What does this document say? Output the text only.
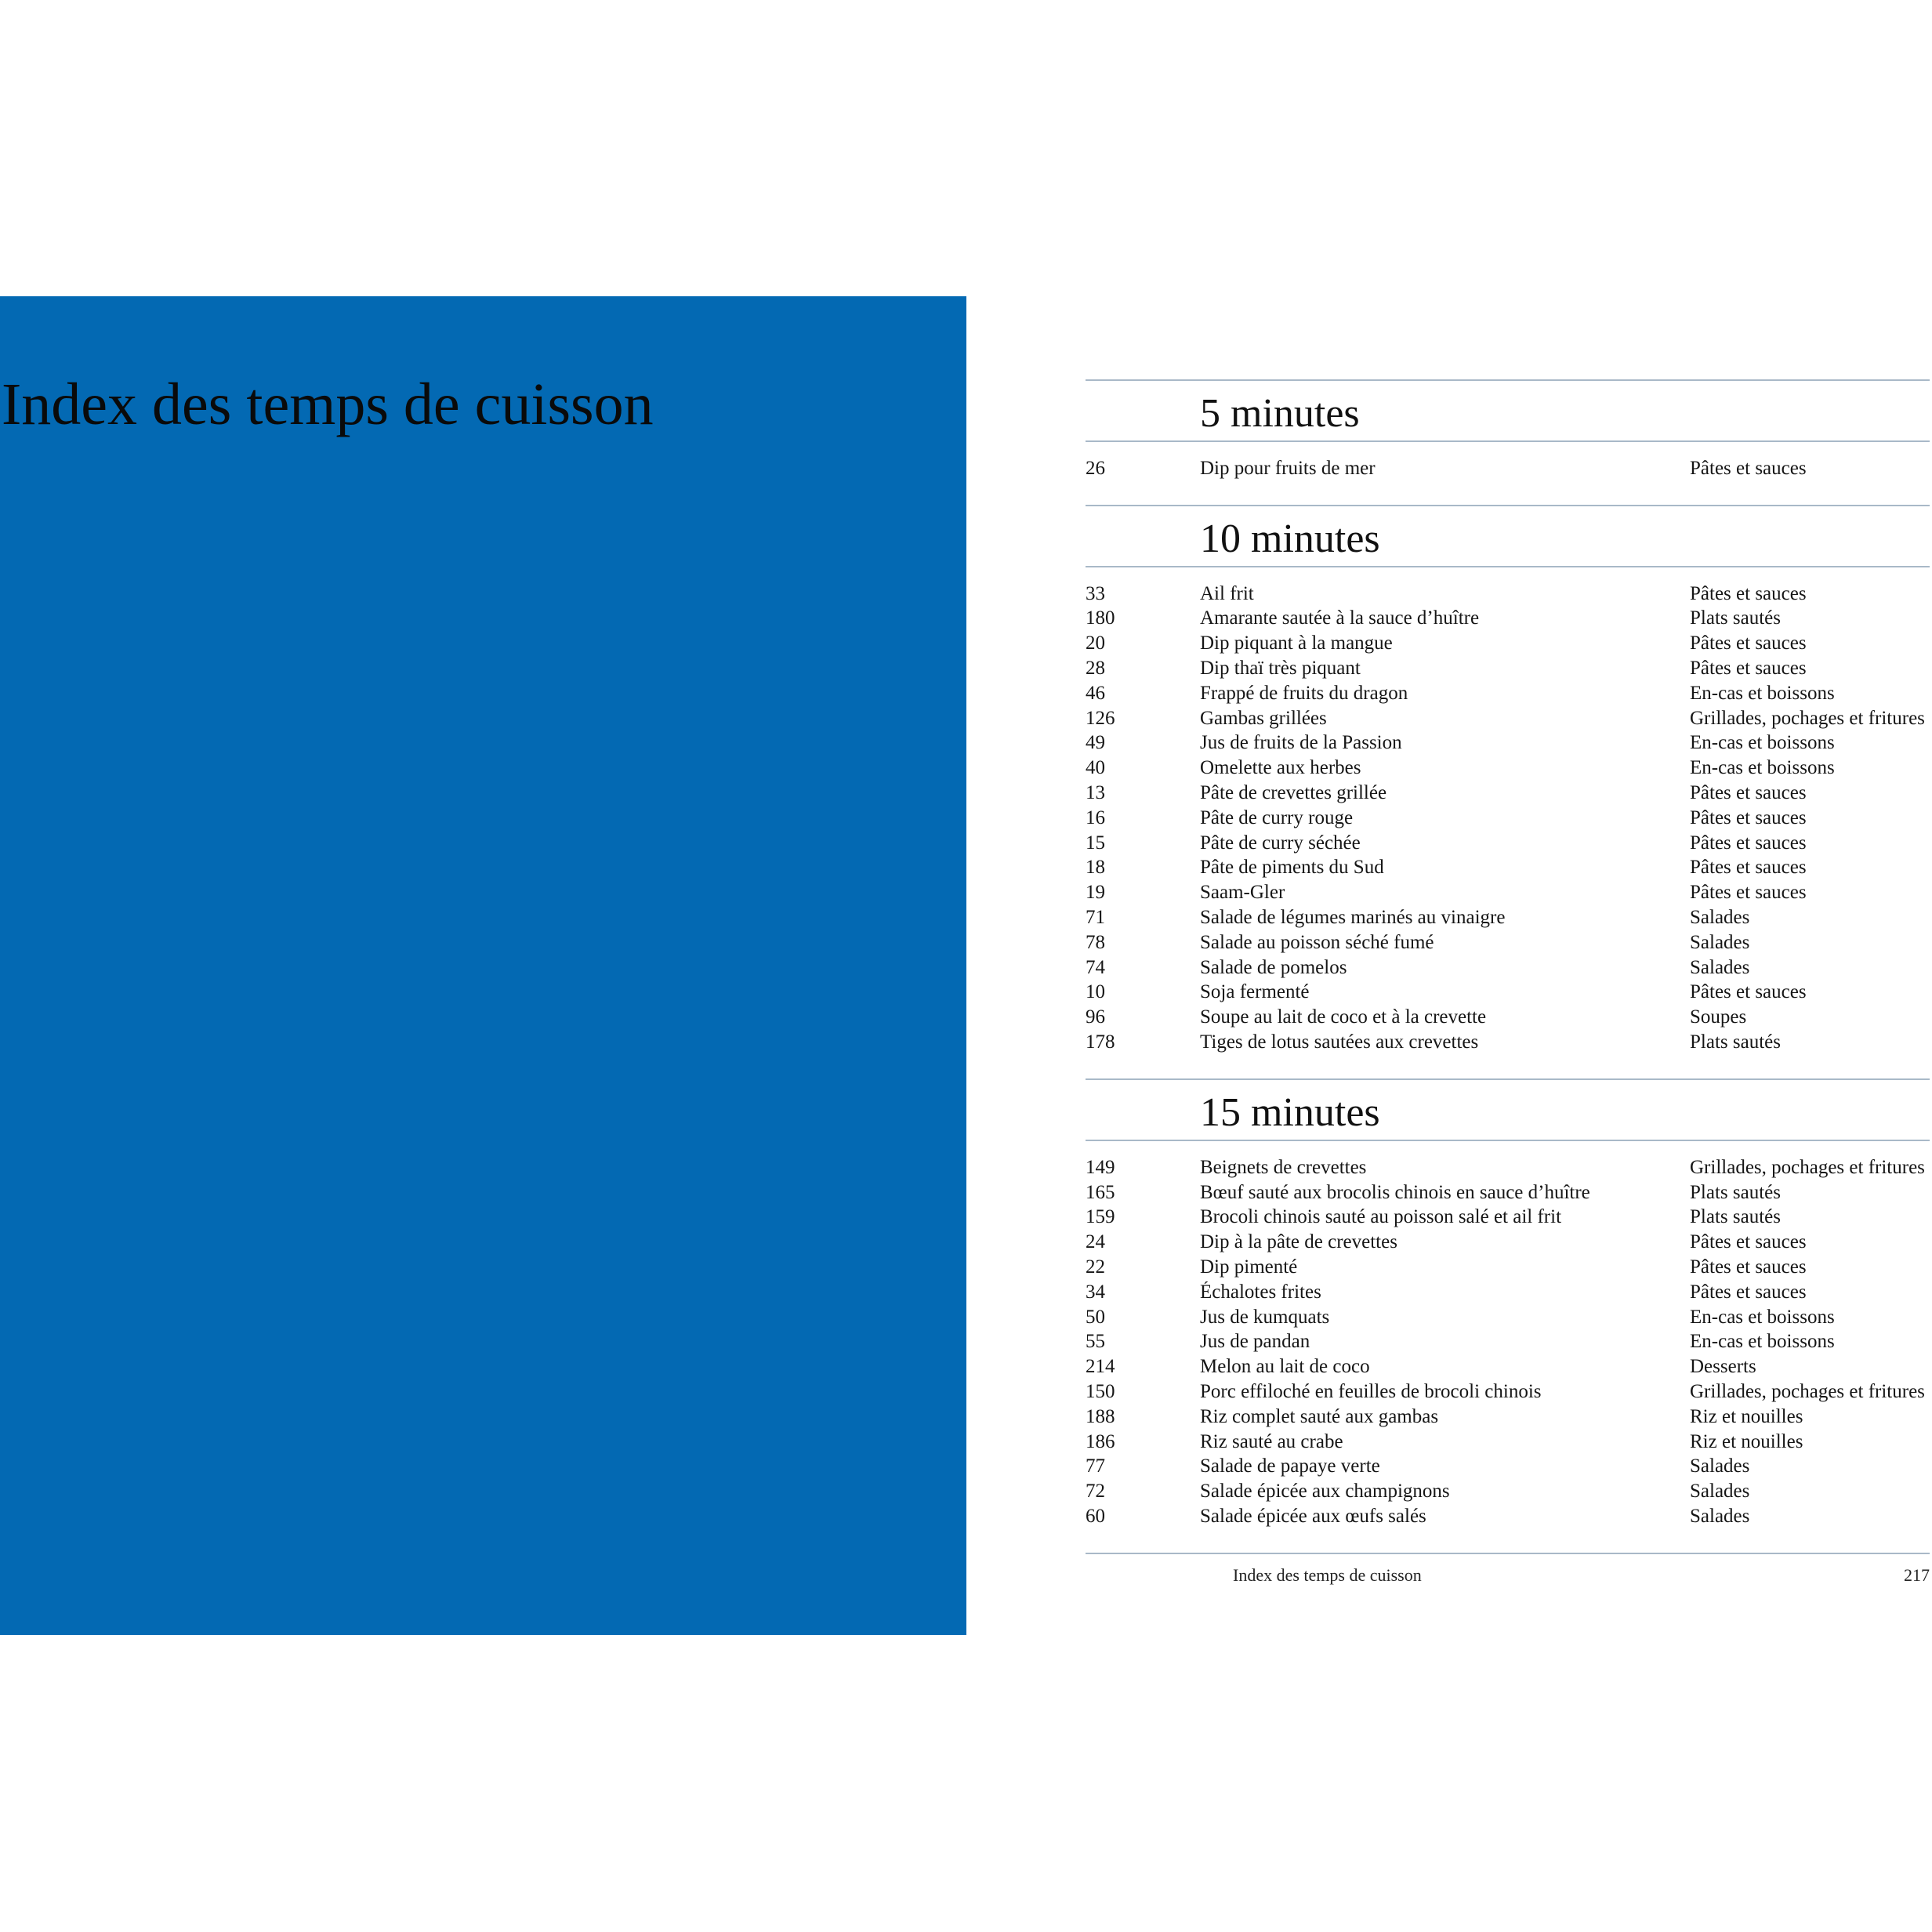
Index des temps de cuisson	5 minutes
26	Dip pour fruits de mer	Pâtes et sauces
10 minutes
33	Ail frit	Pâtes et sauces
180	Amarante sautée à la sauce d’huître	Plats sautés
20	Dip piquant à la mangue	Pâtes et sauces
28	Dip thaï très piquant	Pâtes et sauces
46	Frappé de fruits du dragon	En-cas et boissons
126	Gambas grillées	Grillades, pochages et fritures
49	Jus de fruits de la Passion	En-cas et boissons
40	Omelette aux herbes	En-cas et boissons
13	Pâte de crevettes grillée	Pâtes et sauces
16	Pâte de curry rouge	Pâtes et sauces
15	Pâte de curry séchée	Pâtes et sauces
18	Pâte de piments du Sud	Pâtes et sauces
19	Saam-Gler	Pâtes et sauces
71	Salade de légumes marinés au vinaigre	Salades
78	Salade au poisson séché fumé	Salades
74	Salade de pomelos	Salades
10	Soja fermenté	Pâtes et sauces
96	Soupe au lait de coco et à la crevette	Soupes
178	Tiges de lotus sautées aux crevettes	Plats sautés
15 minutes
149	Beignets de crevettes	Grillades, pochages et fritures
165	Bœuf sauté aux brocolis chinois en sauce d’huître	Plats sautés
159	Brocoli chinois sauté au poisson salé et ail frit	Plats sautés
24	Dip à la pâte de crevettes	Pâtes et sauces
22	Dip pimenté	Pâtes et sauces
34	Échalotes frites	Pâtes et sauces
50	Jus de kumquats	En-cas et boissons
55	Jus de pandan	En-cas et boissons
214	Melon au lait de coco	Desserts
150	Porc effiloché en feuilles de brocoli chinois	Grillades, pochages et fritures
188	Riz complet sauté aux gambas	Riz et nouilles
186	Riz sauté au crabe	Riz et nouilles
77	Salade de papaye verte	Salades
72	Salade épicée aux champignons	Salades
60	Salade épicée aux œufs salés	Salades
Index des temps de cuisson	217
